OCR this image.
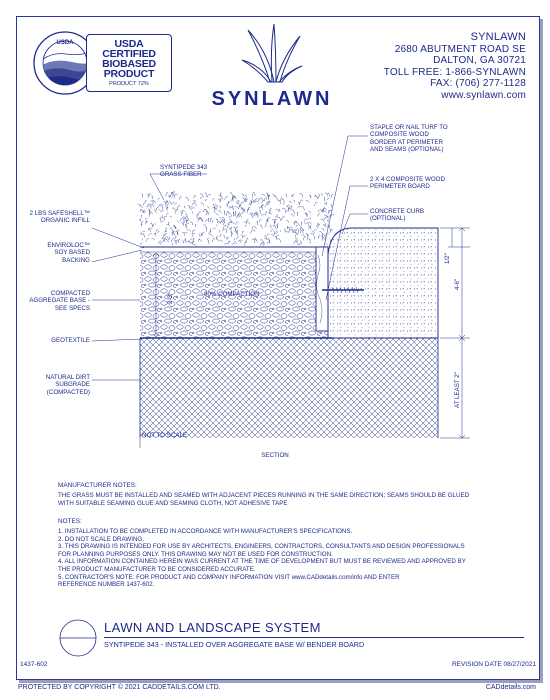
USDA	USDA
CERTIFIED
BIOBASED
PRODUCT
PRODUCT 72%
SYNLAWN
SYNLAWN
2680 ABUTMENT ROAD SE
DALTON, GA 30721
TOLL FREE: 1-866-SYNLAWN
FAX: (706) 277-1128
www.synlawn.com
90% COMPACTION
2-3"
1/2"
4-6"
AT LEAST 2"
SYNTIPEDE 343
GRASS FIBER
2 LBS SAFESHELL™
ORGANIC INFILL
ENVIROLOC™
SOY BASED
BACKING
COMPACTED
AGGREGATE BASE -
SEE SPECS
GEOTEXTILE
NATURAL DIRT
SUBGRADE
(COMPACTED)
STAPLE OR NAIL TURF TO
COMPOSITE WOOD
BORDER AT PERIMETER
AND SEAMS (OPTIONAL)
2 X 4 COMPOSITE WOOD
PERIMETER BOARD
CONCRETE CURB
(OPTIONAL)
NOT TO SCALE
SECTION
MANUFACTURER NOTES:
THE GRASS MUST BE INSTALLED AND SEAMED WITH ADJACENT PIECES RUNNING IN THE SAME DIRECTION; SEAMS SHOULD BE GLUED
WITH SUITABLE SEAMING GLUE AND SEAMING CLOTH, NOT ADHESIVE TAPE
NOTES:
1. INSTALLATION TO BE COMPLETED IN ACCORDANCE WITH MANUFACTURER'S SPECIFICATIONS.
2. DO NOT SCALE DRAWING.
3. THIS DRAWING IS INTENDED FOR USE BY ARCHITECTS, ENGINEERS, CONTRACTORS, CONSULTANTS AND DESIGN PROFESSIONALS
FOR PLANNING PURPOSES ONLY. THIS DRAWING MAY NOT BE USED FOR CONSTRUCTION.
4. ALL INFORMATION CONTAINED HEREIN WAS CURRENT AT THE TIME OF DEVELOPMENT BUT MUST BE REVIEWED AND APPROVED BY
THE PRODUCT MANUFACTURER TO BE CONSIDERED ACCURATE.
5. CONTRACTOR'S NOTE: FOR PRODUCT AND COMPANY INFORMATION VISIT www.CADdetails.com/info AND ENTER
REFERENCE NUMBER 1437-602.
LAWN AND LANDSCAPE SYSTEM
SYNTIPEDE 343 - INSTALLED OVER AGGREGATE BASE W/ BENDER BOARD
1437-602	REVISION DATE 08/27/2021
PROTECTED BY COPYRIGHT © 2021 CADDETAILS.COM LTD.	CADdetails.com
